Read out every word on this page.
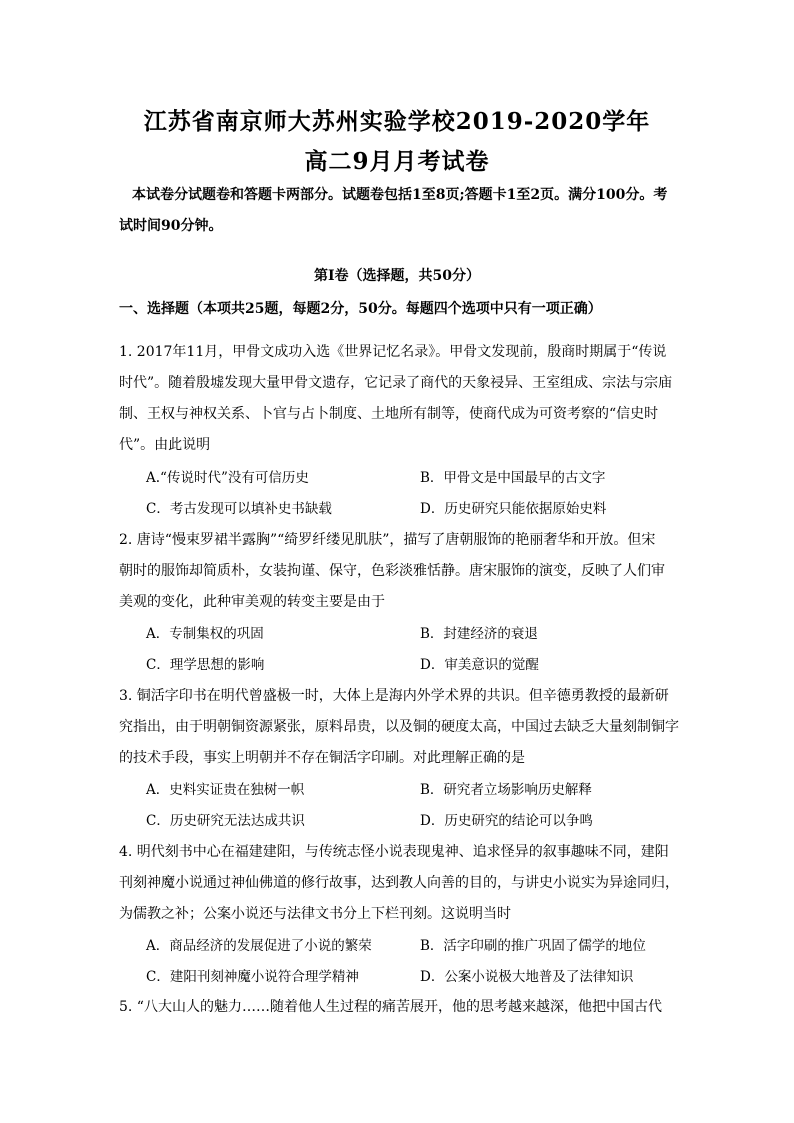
江苏省南京师大苏州实验学校2019-2020学年
高二9月月考试卷
本试卷分试题卷和答题卡两部分。试题卷包括1至8页;答题卡1至2页。满分100分。考
试时间90分钟。
第Ⅰ卷（选择题，共50分）
一、选择题（本项共25题，每题2分，50分。每题四个选项中只有一项正确）
1. 2017年11月，甲骨文成功入选《世界记忆名录》。甲骨文发现前，殷商时期属于“传说
时代”。随着殷墟发现大量甲骨文遗存，它记录了商代的天象祲异、王室组成、宗法与宗庙
制、王权与神权关系、卜官与占卜制度、土地所有制等，使商代成为可资考察的“信史时
代”。由此说明
A.“传说时代”没有可信历史	B．甲骨文是中国最早的古文字
C．考古发现可以填补史书缺载	D．历史研究只能依据原始史料
2. 唐诗“慢束罗裙半露胸”“绮罗纤缕见肌肤”，描写了唐朝服饰的艳丽奢华和开放。但宋
朝时的服饰却简质朴，女装拘谨、保守，色彩淡雅恬静。唐宋服饰的演变，反映了人们审
美观的变化，此种审美观的转变主要是由于
A．专制集权的巩固	B．封建经济的衰退
C．理学思想的影响	D．审美意识的觉醒
3. 铜活字印书在明代曾盛极一时，大体上是海内外学术界的共识。但辛德勇教授的最新研
究指出，由于明朝铜资源紧张，原料昂贵，以及铜的硬度太高，中国过去缺乏大量刻制铜字
的技术手段，事实上明朝并不存在铜活字印刷。对此理解正确的是
A．史料实证贵在独树一帜	B．研究者立场影响历史解释
C．历史研究无法达成共识	D．历史研究的结论可以争鸣
4. 明代刻书中心在福建建阳，与传统志怪小说表现鬼神、追求怪异的叙事趣味不同，建阳
刊刻神魔小说通过神仙佛道的修行故事，达到教人向善的目的，与讲史小说实为异途同归，
为儒教之补；公案小说还与法律文书分上下栏刊刻。这说明当时
A．商品经济的发展促进了小说的繁荣	B．活字印刷的推广巩固了儒学的地位
C．建阳刊刻神魔小说符合理学精神	D．公案小说极大地普及了法律知识
5. “八大山人的魅力……随着他人生过程的痛苦展开，他的思考越来越深，他把中国古代
